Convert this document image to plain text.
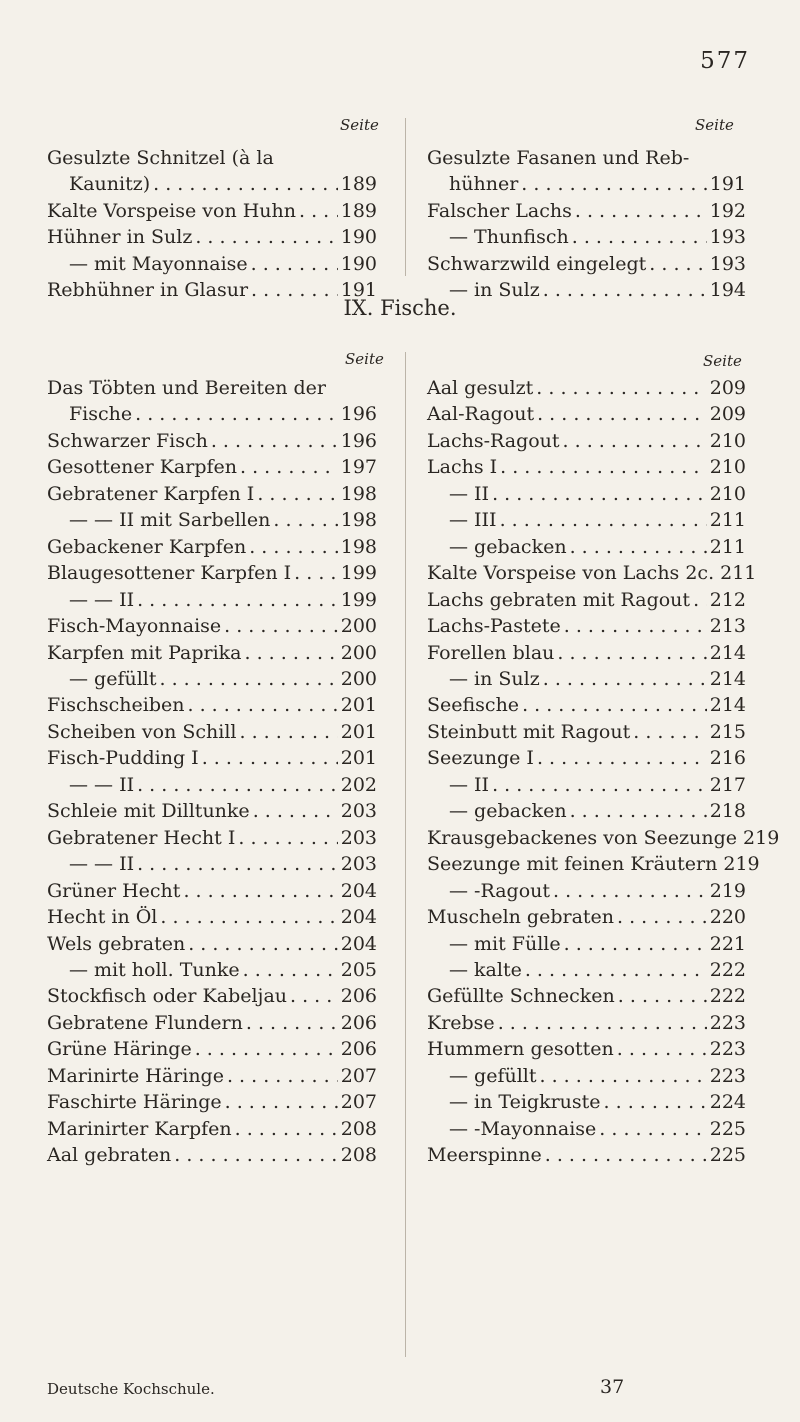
577
Seite	Seite
Gesulzte Schnitzel (à la
Kaunitz) . . .	189
Kalte Vorspeise von Huhn . . . 189
Hühner in Sulz . . .	190
— mit Mayonnaise . . .	190
Rebhühner in Glasur . . .	191
Gesulzte Fasanen und Reb-
hühner . . .	191
Falscher Lachs . . .	192
— Thunfisch . . .	193
Schwarzwild eingelegt . . .	193
— in Sulz . . .	194
IX. Fische.
Seite	Seite
Das Töbten und Bereiten der
Fische . . .	196
Schwarzer Fisch . . .	196
Gesottener Karpfen . . .	197
Gebratener Karpfen I . . .	198
— — II mit Sarbellen . . .	198
Gebackener Karpfen . . .	198
Blaugesottener Karpfen I . . .	199
— — II . . .	199
Fisch-Mayonnaise . . .	200
Karpfen mit Paprika . . .	200
— gefüllt . . .	200
Fischscheiben . . .	201
Scheiben von Schill . . .	201
Fisch-Pudding I . . .	201
— — II . . .	202
Schleie mit Dilltunke . . .	203
Gebratener Hecht I . . .	203
— — II . . .	203
Grüner Hecht . . .	204
Hecht in Öl . . .	204
Wels gebraten . . .	204
— mit holl. Tunke . . .	205
Stockfisch oder Kabeljau . . .	206
Gebratene Flundern . . .	206
Grüne Häringe . . .	206
Marinirte Häringe . . .	207
Faschirte Häringe . . .	207
Marinirter Karpfen . . .	208
Aal gebraten . . .	208
Aal gesulzt . . .	209
Aal-Ragout . . .	209
Lachs-Ragout . . .	210
Lachs I . . .	210
— II . . .	210
— III . . .	211
— gebacken . . .	211
Kalte Vorspeise von Lachs 2c. 211
Lachs gebraten mit Ragout . . . 212
Lachs-Pastete . . .	213
Forellen blau . . .	214
— in Sulz . . .	214
Seefische . . .	214
Steinbutt mit Ragout . . .	215
Seezunge I . . .	216
— II . . .	217
— gebacken . . .	218
Krausgebackenes von Seezunge 219
Seezunge mit feinen Kräutern 219
— -Ragout . . .	219
Muscheln gebraten . . .	220
— mit Fülle . . .	221
— kalte . . .	222
Gefüllte Schnecken . . .	222
Krebse . . .	223
Hummern gesotten . . .	223
— gefüllt . . .	223
— in Teigkruste . . .	224
— -Mayonnaise . . .	225
Meerspinne . . .	225
Deutsche Kochschule.	37
